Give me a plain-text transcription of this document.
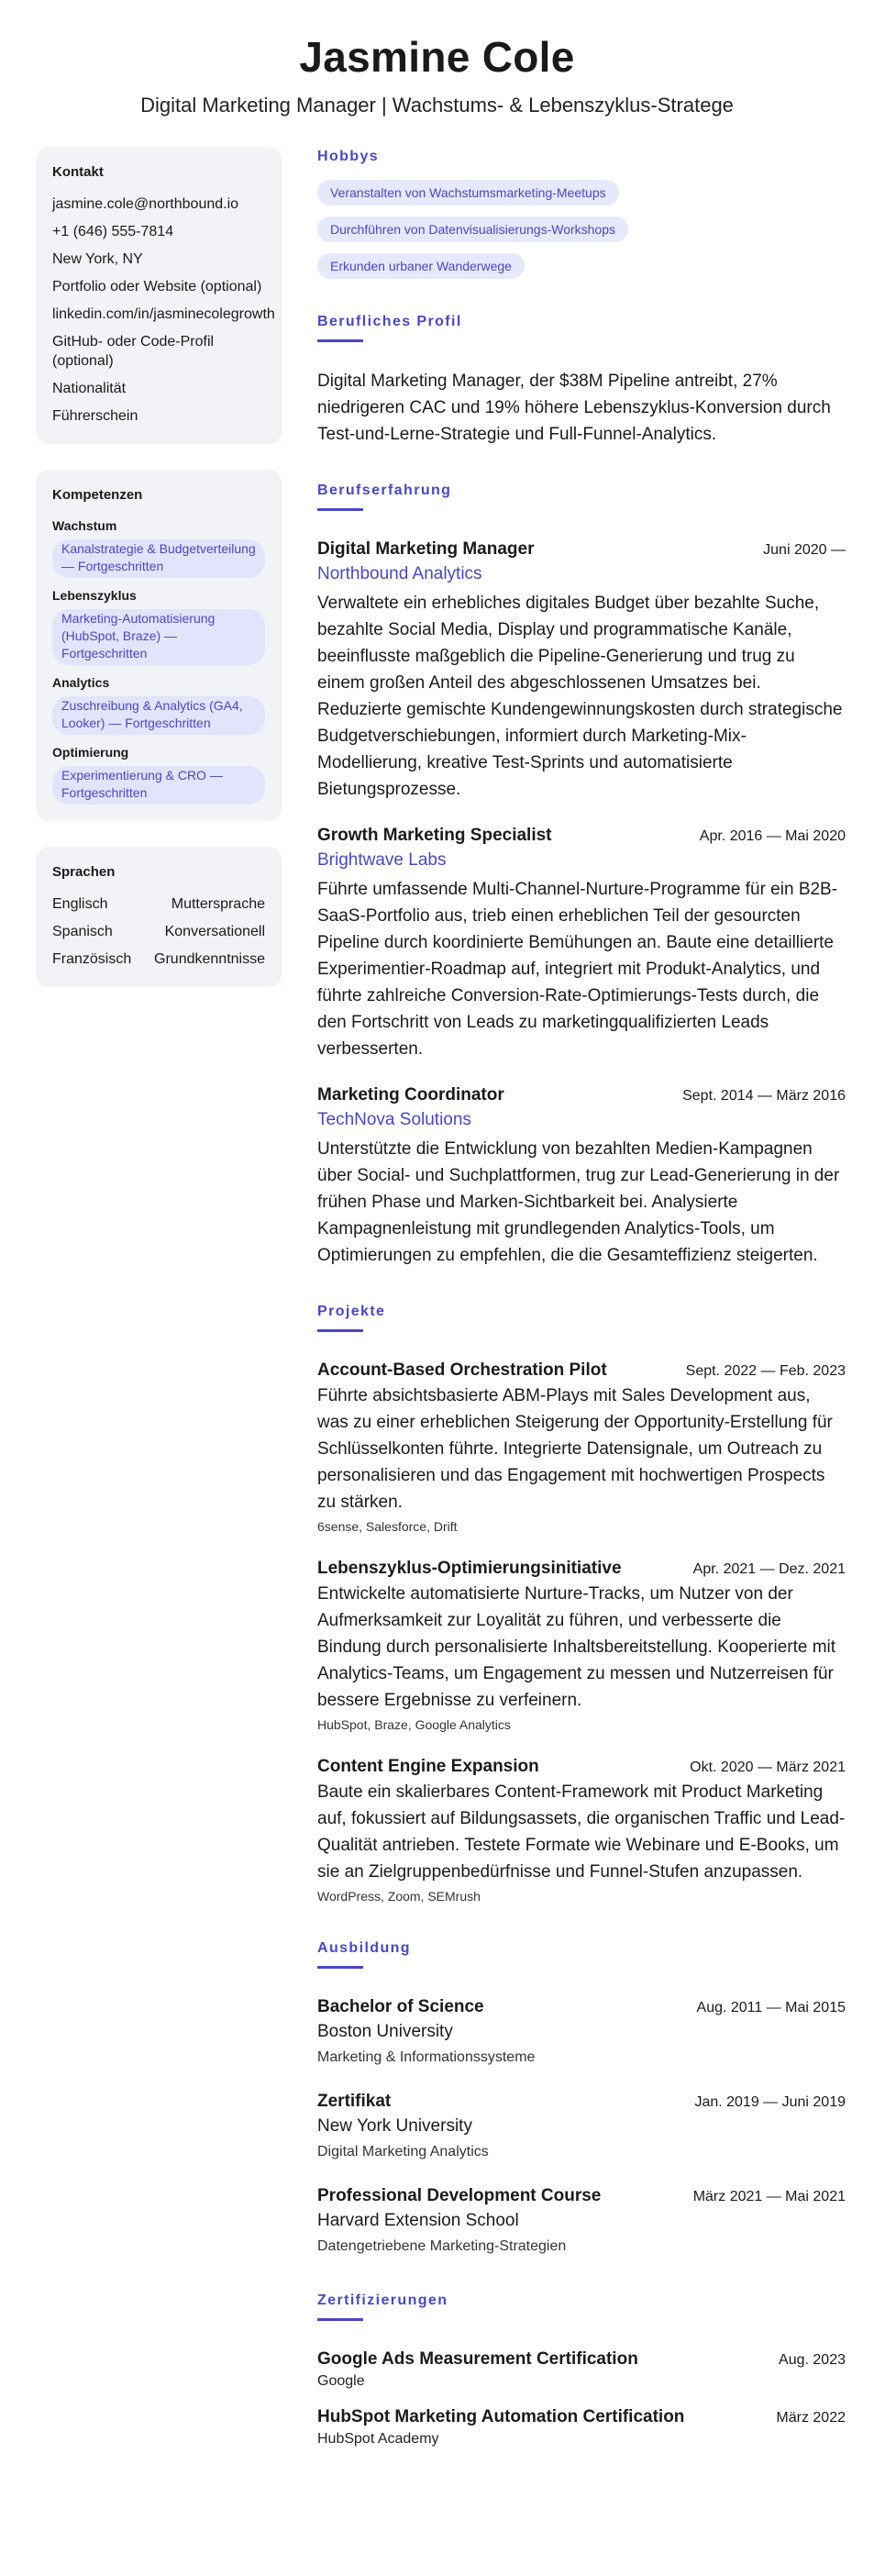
Jasmine Cole
Digital Marketing Manager | Wachstums- & Lebenszyklus-Stratege
Kontakt
jasmine.cole@northbound.io
+1 (646) 555-7814
New York, NY
Portfolio oder Website (optional)
linkedin.com/in/jasminecolegrowth
GitHub- oder Code-Profil (optional)
Nationalität
Führerschein
Kompetenzen
Wachstum
Kanalstrategie & Budgetverteilung — Fortgeschritten
Lebenszyklus
Marketing-Automatisierung (HubSpot, Braze) — Fortgeschritten
Analytics
Zuschreibung & Analytics (GA4, Looker) — Fortgeschritten
Optimierung
Experimentierung & CRO — Fortgeschritten
Sprachen
Englisch	Muttersprache
Spanisch	Konversationell
Französisch Grundkenntnisse
Hobbys
Veranstalten von Wachstumsmarketing-Meetups
Durchführen von Datenvisualisierungs-Workshops
Erkunden urbaner Wanderwege
Berufliches Profil
Digital Marketing Manager, der $38M Pipeline antreibt, 27% niedrigeren CAC und 19% höhere Lebenszyklus-Konversion durch Test-und-Lerne-Strategie und Full-Funnel-Analytics.
Berufserfahrung
Digital Marketing Manager	Juni 2020 —
Northbound Analytics
Verwaltete ein erhebliches digitales Budget über bezahlte Suche, bezahlte Social Media, Display und programmatische Kanäle, beeinflusste maßgeblich die Pipeline-Generierung und trug zu einem großen Anteil des abgeschlossenen Umsatzes bei. Reduzierte gemischte Kundengewinnungskosten durch strategische Budgetverschiebungen, informiert durch Marketing-Mix-Modellierung, kreative Test-Sprints und automatisierte Bietungsprozesse.
Growth Marketing Specialist	Apr. 2016 — Mai 2020
Brightwave Labs
Führte umfassende Multi-Channel-Nurture-Programme für ein B2B-SaaS-Portfolio aus, trieb einen erheblichen Teil der gesourcten Pipeline durch koordinierte Bemühungen an. Baute eine detaillierte Experimentier-Roadmap auf, integriert mit Produkt-Analytics, und führte zahlreiche Conversion-Rate-Optimierungs-Tests durch, die den Fortschritt von Leads zu marketingqualifizierten Leads verbesserten.
Marketing Coordinator	Sept. 2014 — März 2016
TechNova Solutions
Unterstützte die Entwicklung von bezahlten Medien-Kampagnen über Social- und Suchplattformen, trug zur Lead-Generierung in der frühen Phase und Marken-Sichtbarkeit bei. Analysierte Kampagnenleistung mit grundlegenden Analytics-Tools, um Optimierungen zu empfehlen, die die Gesamteffizienz steigerten.
Projekte
Account-Based Orchestration Pilot	Sept. 2022 — Feb. 2023
Führte absichtsbasierte ABM-Plays mit Sales Development aus, was zu einer erheblichen Steigerung der Opportunity-Erstellung für Schlüsselkonten führte. Integrierte Datensignale, um Outreach zu personalisieren und das Engagement mit hochwertigen Prospects zu stärken.
6sense, Salesforce, Drift
Lebenszyklus-Optimierungsinitiative	Apr. 2021 — Dez. 2021
Entwickelte automatisierte Nurture-Tracks, um Nutzer von der Aufmerksamkeit zur Loyalität zu führen, und verbesserte die Bindung durch personalisierte Inhaltsbereitstellung. Kooperierte mit Analytics-Teams, um Engagement zu messen und Nutzerreisen für bessere Ergebnisse zu verfeinern.
HubSpot, Braze, Google Analytics
Content Engine Expansion	Okt. 2020 — März 2021
Baute ein skalierbares Content-Framework mit Product Marketing auf, fokussiert auf Bildungsassets, die organischen Traffic und Lead-Qualität antrieben. Testete Formate wie Webinare und E-Books, um sie an Zielgruppenbedürfnisse und Funnel-Stufen anzupassen.
WordPress, Zoom, SEMrush
Ausbildung
Bachelor of Science	Aug. 2011 — Mai 2015
Boston University
Marketing & Informationssysteme
Zertifikat	Jan. 2019 — Juni 2019
New York University
Digital Marketing Analytics
Professional Development Course	März 2021 — Mai 2021
Harvard Extension School
Datengetriebene Marketing-Strategien
Zertifizierungen
Google Ads Measurement Certification	Aug. 2023
Google
HubSpot Marketing Automation Certification	März 2022
HubSpot Academy
